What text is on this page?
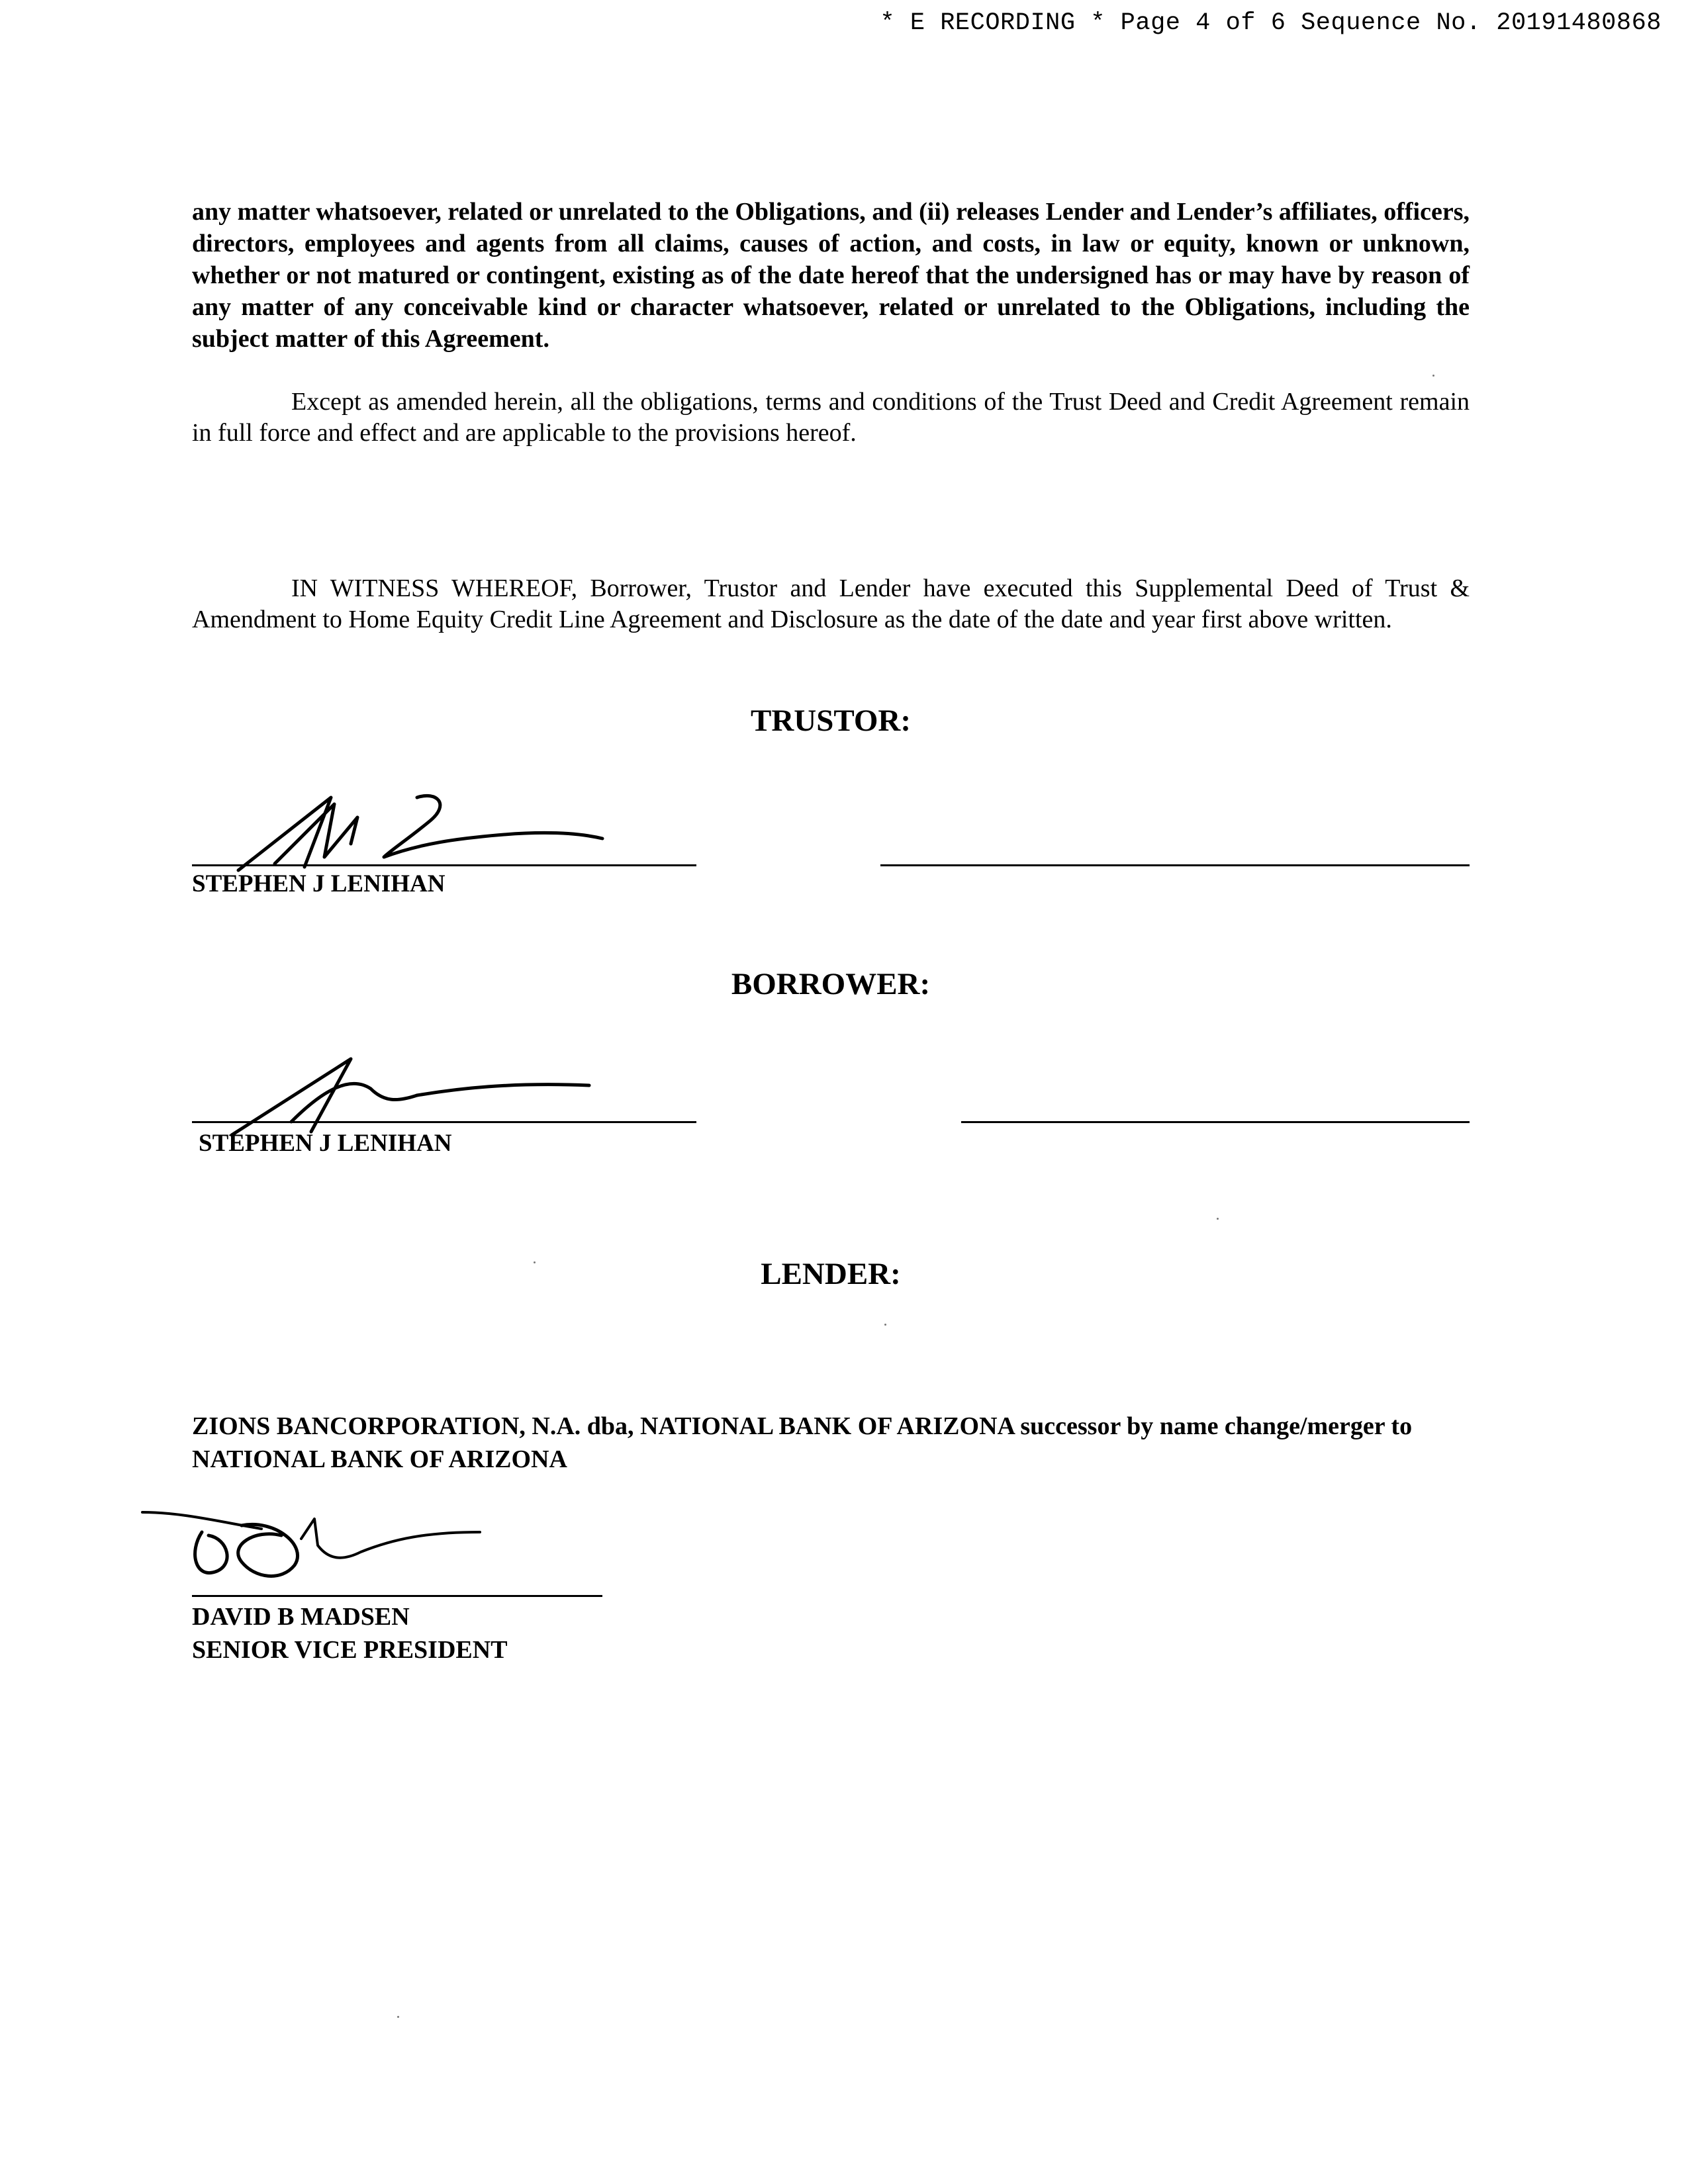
* E RECORDING * Page 4 of 6 Sequence No. 20191480868
any matter whatsoever, related or unrelated to the Obligations, and (ii) releases Lender and Lender’s affiliates, officers, directors, employees and agents from all claims, causes of action, and costs, in law or equity, known or unknown, whether or not matured or contingent, existing as of the date hereof that the undersigned has or may have by reason of any matter of any conceivable kind or character whatsoever, related or unrelated to the Obligations, including the subject matter of this Agreement.
Except as amended herein, all the obligations, terms and conditions of the Trust Deed and Credit Agreement remain in full force and effect and are applicable to the provisions hereof.
IN WITNESS WHEREOF, Borrower, Trustor and Lender have executed this Supplemental Deed of Trust & Amendment to Home Equity Credit Line Agreement and Disclosure as the date of the date and year first above written.
TRUSTOR:
STEPHEN J LENIHAN
BORROWER:
STEPHEN J LENIHAN
LENDER:
ZIONS BANCORPORATION, N.A. dba, NATIONAL BANK OF ARIZONA successor by name change/merger to NATIONAL BANK OF ARIZONA
DAVID B MADSEN
SENIOR VICE PRESIDENT
